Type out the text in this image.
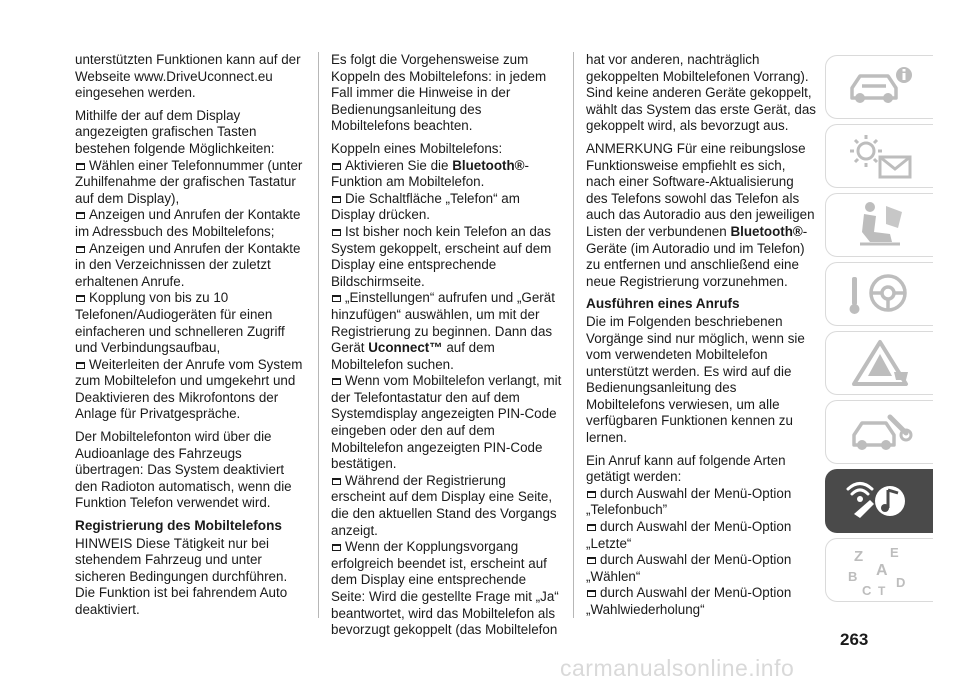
unterstützten Funktionen kann auf der Webseite www.DriveUconnect.eu eingesehen werden.

Mithilfe der auf dem Display angezeigten grafischen Tasten bestehen folgende Möglichkeiten:

Wählen einer Telefonnummer (unter Zuhilfenahme der grafischen Tastatur auf dem Display),
Anzeigen und Anrufen der Kontakte im Adressbuch des Mobiltelefons;
Anzeigen und Anrufen der Kontakte in den Verzeichnissen der zuletzt erhaltenen Anrufe.
Kopplung von bis zu 10 Telefonen/Audiogeräten für einen einfacheren und schnelleren Zugriff und Verbindungsaufbau,
Weiterleiten der Anrufe vom System zum Mobiltelefon und umgekehrt und Deaktivieren des Mikrofontons der Anlage für Privatgespräche.

Der Mobiltelefonton wird über die Audioanlage des Fahrzeugs übertragen: Das System deaktiviert den Radioton automatisch, wenn die Funktion Telefon verwendet wird.

Registrierung des Mobiltelefons

HINWEIS Diese Tätigkeit nur bei stehendem Fahrzeug und unter sicheren Bedingungen durchführen. Die Funktion ist bei fahrendem Auto deaktiviert.

Es folgt die Vorgehensweise zum Koppeln des Mobiltelefons: in jedem Fall immer die Hinweise in der Bedienungsanleitung des Mobiltelefons beachten.

Koppeln eines Mobiltelefons:

Aktivieren Sie die Bluetooth®-Funktion am Mobiltelefon.
Die Schaltfläche „Telefon“ am Display drücken.
Ist bisher noch kein Telefon an das System gekoppelt, erscheint auf dem Display eine entsprechende Bildschirmseite.
„Einstellungen“ aufrufen und „Gerät hinzufügen“ auswählen, um mit der Registrierung zu beginnen. Dann das Gerät Uconnect™ auf dem Mobiltelefon suchen.
Wenn vom Mobiltelefon verlangt, mit der Telefontastatur den auf dem Systemdisplay angezeigten PIN-Code eingeben oder den auf dem Mobiltelefon angezeigten PIN-Code bestätigen.
Während der Registrierung erscheint auf dem Display eine Seite, die den aktuellen Stand des Vorgangs anzeigt.
Wenn der Kopplungsvorgang erfolgreich beendet ist, erscheint auf dem Display eine entsprechende Seite: Wird die gestellte Frage mit „Ja“ beantwortet, wird das Mobiltelefon als bevorzugt gekoppelt (das Mobiltelefon

hat vor anderen, nachträglich gekoppelten Mobiltelefonen Vorrang). Sind keine anderen Geräte gekoppelt, wählt das System das erste Gerät, das gekoppelt wird, als bevorzugt aus.

ANMERKUNG Für eine reibungslose Funktionsweise empfiehlt es sich, nach einer Software-Aktualisierung des Telefons sowohl das Telefon als auch das Autoradio aus den jeweiligen Listen der verbundenen Bluetooth®-Geräte (im Autoradio und im Telefon) zu entfernen und anschließend eine neue Registrierung vorzunehmen.

Ausführen eines Anrufs

Die im Folgenden beschriebenen Vorgänge sind nur möglich, wenn sie vom verwendeten Mobiltelefon unterstützt werden. Es wird auf die Bedienungsanleitung des Mobiltelefons verwiesen, um alle verfügbaren Funktionen kennen zu lernen.

Ein Anruf kann auf folgende Arten getätigt werden:

durch Auswahl der Menü-Option „Telefonbuch”
durch Auswahl der Menü-Option „Letzte“
durch Auswahl der Menü-Option „Wählen“
durch Auswahl der Menü-Option „Wahlwiederholung“
Z E
B A
C T
D
263
carmanualsonline.info
